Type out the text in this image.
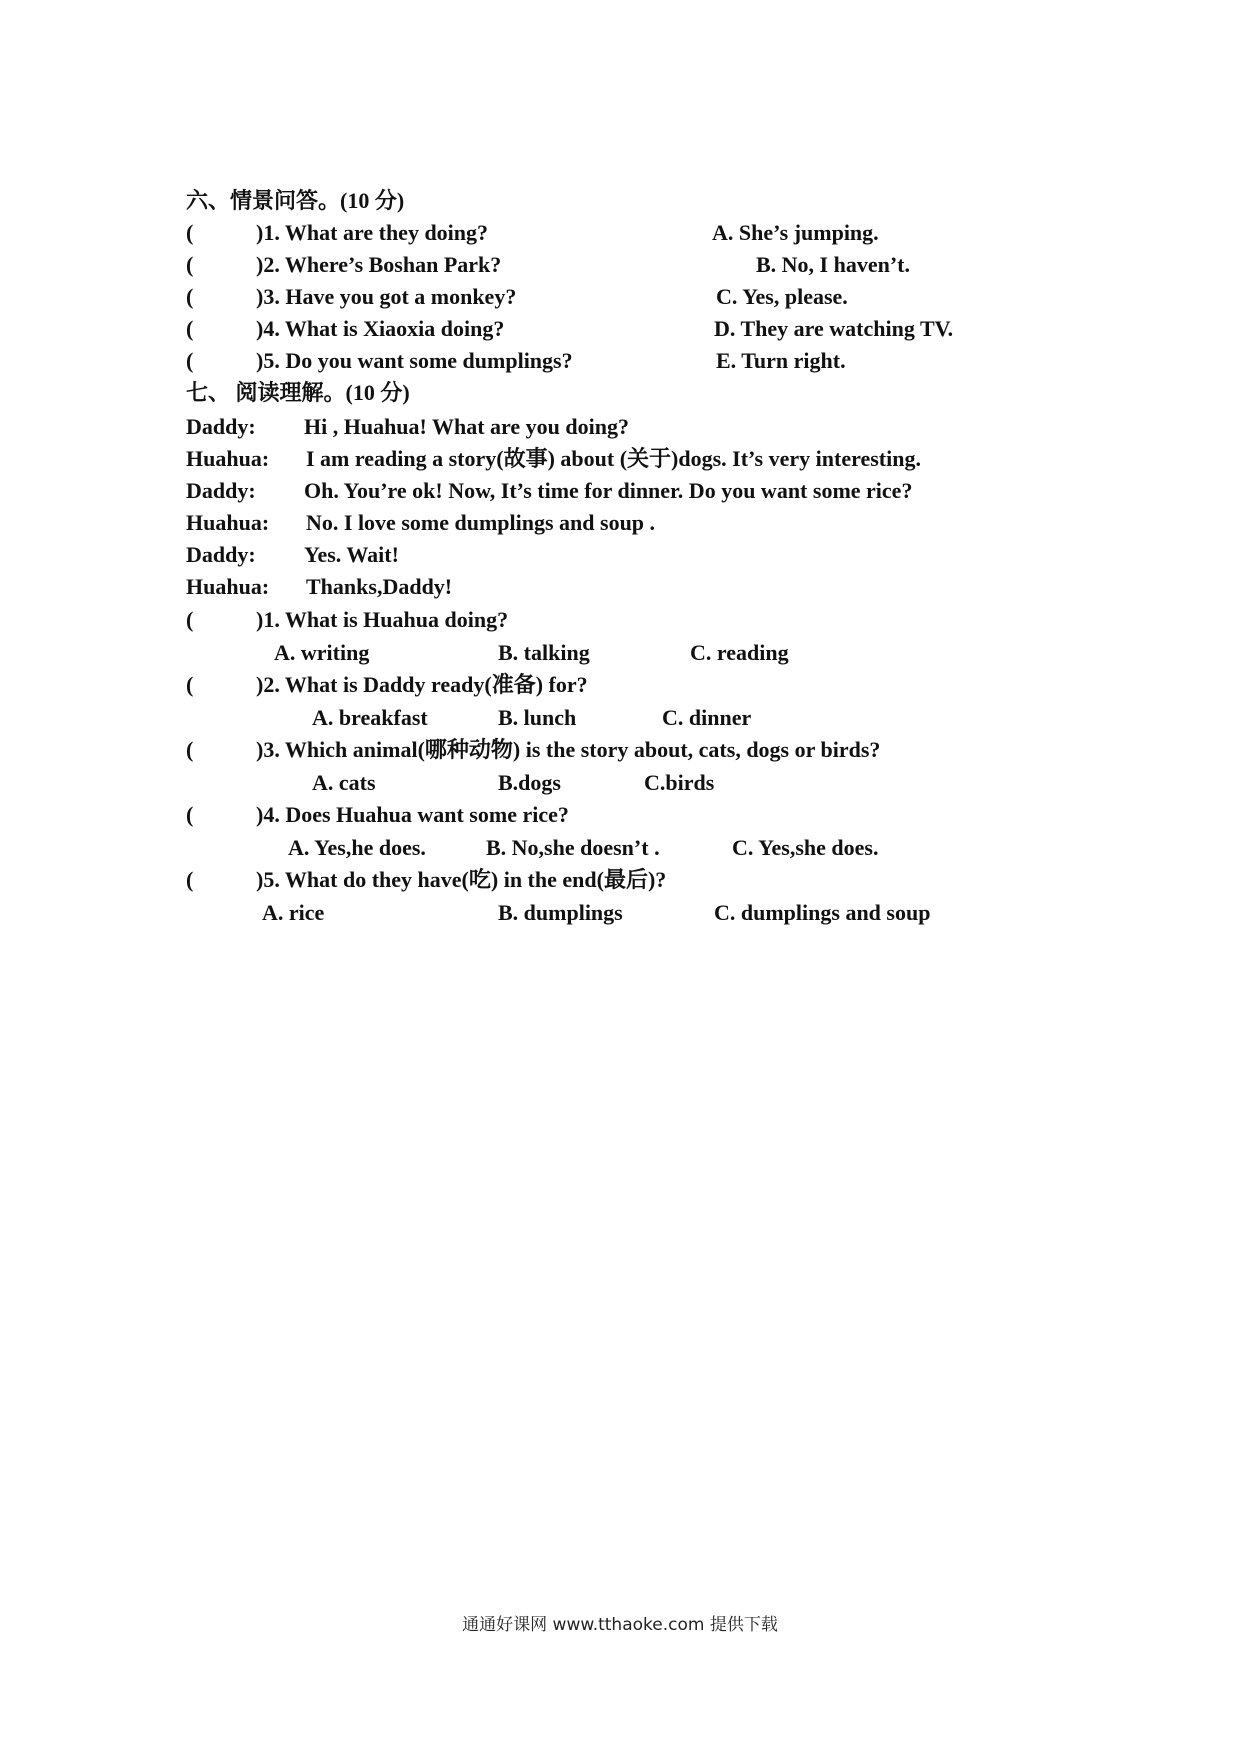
六、情景问答。(10 分)
(	)1. What are they doing?	A. She’s jumping.
(	)2. Where’s Boshan Park?	B. No, I haven’t.
(	)3. Have you got a monkey?	C. Yes, please.
(	)4. What is Xiaoxia doing?	D. They are watching TV.
(	)5. Do you want some dumplings?	E. Turn right.
七、 阅读理解。(10 分)
Daddy: Hi , Huahua! What are you doing?
Huahua: I am reading a story(故事) about (关于)dogs. It’s very interesting.
Daddy: Oh. You’re ok! Now, It’s time for dinner. Do you want some rice?
Huahua: No. I love some dumplings and soup .
Daddy: Yes. Wait!
Huahua: Thanks,Daddy!
(	)1. What is Huahua doing?
A. writing	B. talking	C. reading
(	)2. What is Daddy ready(准备) for?
A. breakfast	B. lunch	C. dinner
(	)3. Which animal(哪种动物) is the story about, cats, dogs or birds?
A. cats	B.dogs	C.birds
(	)4. Does Huahua want some rice?
A. Yes,he does.	B. No,she doesn’t .	C. Yes,she does.
(	)5. What do they have(吃) in the end(最后)?
A. rice	B. dumplings	C. dumplings and soup
通通好课网 www.tthaoke.com 提供下载
